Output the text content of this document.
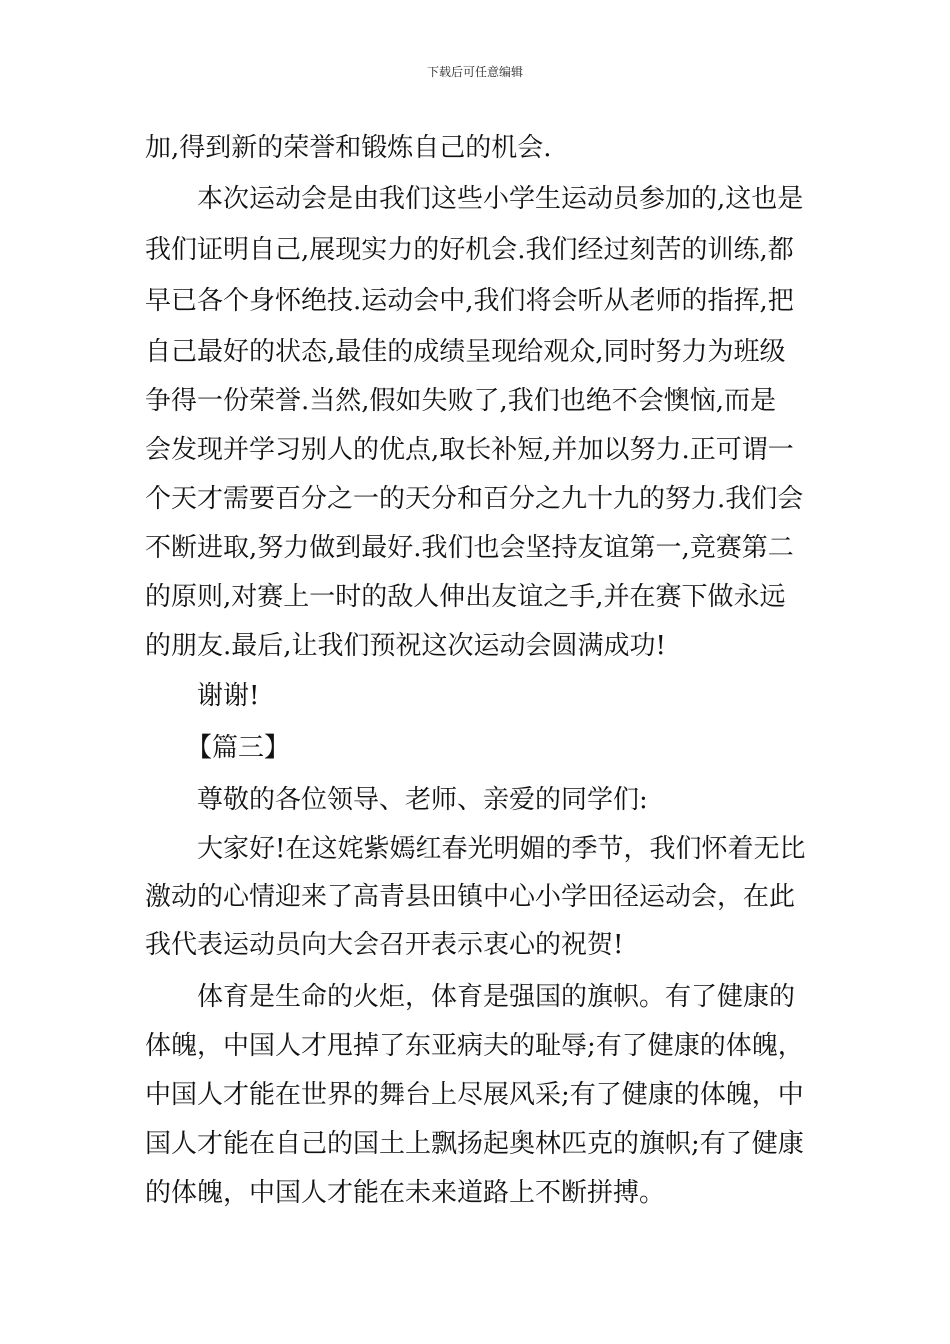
下载后可任意编辑
加,得到新的荣誉和锻炼自己的机会.
本次运动会是由我们这些小学生运动员参加的,这也是
我们证明自己,展现实力的好机会.我们经过刻苦的训练,都
早已各个身怀绝技.运动会中,我们将会听从老师的指挥,把
自己最好的状态,最佳的成绩呈现给观众,同时努力为班级
争得一份荣誉.当然,假如失败了,我们也绝不会懊恼,而是
会发现并学习别人的优点,取长补短,并加以努力.正可谓一
个天才需要百分之一的天分和百分之九十九的努力.我们会
不断进取,努力做到最好.我们也会坚持友谊第一,竞赛第二
的原则,对赛上一时的敌人伸出友谊之手,并在赛下做永远
的朋友.最后,让我们预祝这次运动会圆满成功!
谢谢!
【篇三】
尊敬的各位领导、老师、亲爱的同学们:
大家好!在这姹紫嫣红春光明媚的季节，我们怀着无比
激动的心情迎来了高青县田镇中心小学田径运动会，在此
我代表运动员向大会召开表示衷心的祝贺!
体育是生命的火炬，体育是强国的旗帜。有了健康的
体魄，中国人才甩掉了东亚病夫的耻辱;有了健康的体魄，
中国人才能在世界的舞台上尽展风采;有了健康的体魄，中
国人才能在自己的国土上飘扬起奥林匹克的旗帜;有了健康
的体魄，中国人才能在未来道路上不断拼搏。
